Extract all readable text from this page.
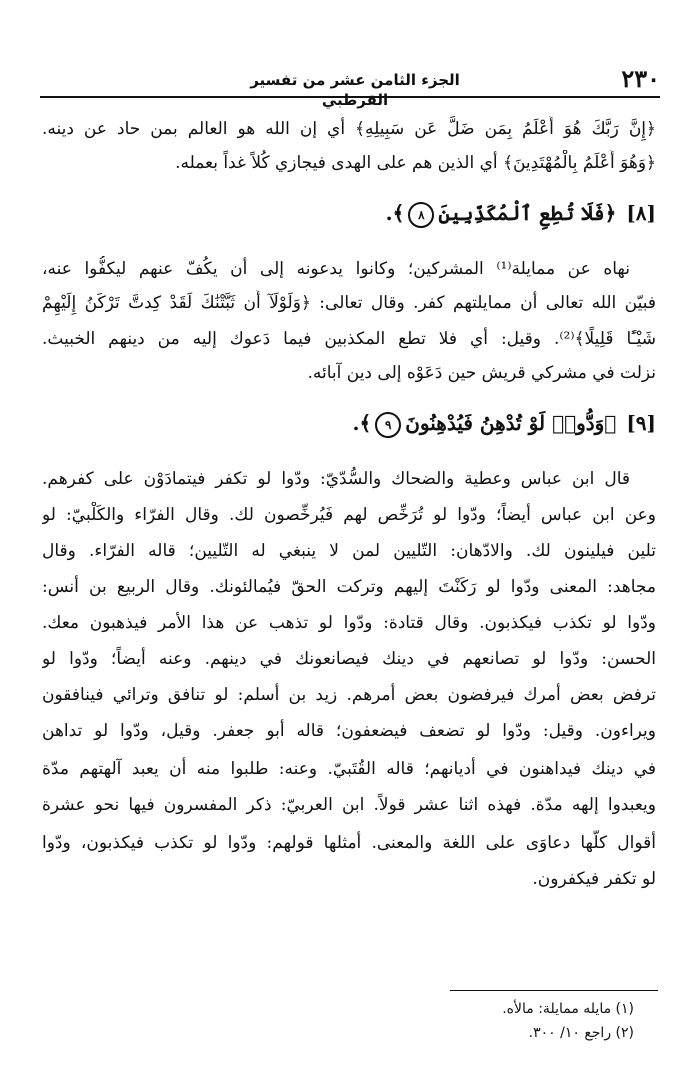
٢٣٠
الجزء الثامن عشر من تفسير القرطبي
﴿إِنَّ رَبَّكَ هُوَ أَعْلَمُ بِمَن ضَلَّ عَن سَبِيلِهِ﴾ أي إن الله هو العالم بمن حاد عن دينه.
﴿وَهُوَ أَعْلَمُ بِالْمُهْتَدِينَ﴾ أي الذين هم على الهدى فيجازي كُلاً غداً بعمله.
[٨]﴿فَلَا تُطِعِ ٱلْمُكَذِّبِينَ٨﴾.
نهاه عن ممايلة⁽¹⁾ المشركين؛ وكانوا يدعونه إلى أن يكُفّ عنهم ليكفُّوا عنه،
فبيّن الله تعالى أن ممايلتهم كفر. وقال تعالى: ﴿وَلَوْلَآ أَن ثَبَّتْنَٰكَ لَقَدْ كِدتَّ تَرْكَنُ إِلَيْهِمْ
شَيْـًٔا قَلِيلًا﴾⁽²⁾. وقيل: أي فلا تطع المكذبين فيما دَعوك إليه من دينهم الخبيث.
نزلت في مشركي قريش حين دَعَوْه إلى دين آبائه.
[٩]﴿وَدُّوا۟ لَوْ تُدْهِنُ فَيُدْهِنُونَ٩﴾.
قال ابن عباس وعطية والضحاك والسُّدّيّ: ودّوا لو تكفر فيتمادَوْن على كفرهم.
وعن ابن عباس أيضاً؛ ودّوا لو تُرَخِّص لهم فَيُرخِّصون لك. وقال الفرّاء والكَلْبيّ: لو
تلين فيلينون لك. والادّهان: التّليين لمن لا ينبغي له التّليين؛ قاله الفرّاء. وقال
مجاهد: المعنى ودّوا لو رَكَنْتَ إليهم وتركت الحقّ فيُمالئونك. وقال الربيع بن أنس:
ودّوا لو تكذب فيكذبون. وقال قتادة: ودّوا لو تذهب عن هذا الأمر فيذهبون معك.
الحسن: ودّوا لو تصانعهم في دينك فيصانعونك في دينهم. وعنه أيضاً؛ ودّوا لو
ترفض بعض أمرك فيرفضون بعض أمرهم. زيد بن أسلم: لو تنافق وترائي فينافقون
ويراءون. وقيل: ودّوا لو تضعف فيضعفون؛ قاله أبو جعفر. وقيل، ودّوا لو تداهن
في دينك فيداهنون في أديانهم؛ قاله القُتَبيّ. وعنه: طلبوا منه أن يعبد آلهتهم مدّة
ويعبدوا إلهه مدّة. فهذه اثنا عشر قولاً. ابن العربيّ: ذكر المفسرون فيها نحو عشرة
أقوال كلّها دعاوَى على اللغة والمعنى. أمثلها قولهم: ودّوا لو تكذب فيكذبون، ودّوا
لو تكفر فيكفرون.
(١) مايله ممايلة: مالأه.
(٢) راجع ١٠/ ٣٠٠.
